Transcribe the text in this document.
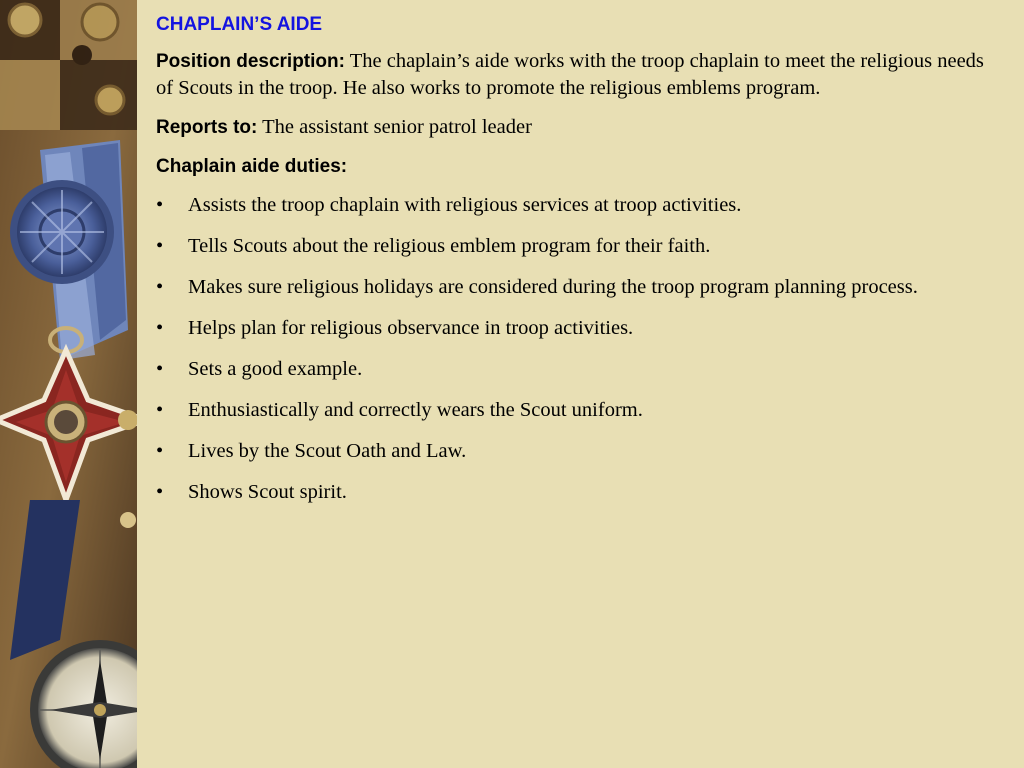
CHAPLAIN’S AIDE

Position description: The chaplain’s aide works with the troop chaplain to meet the religious needs of Scouts in the troop. He also works to promote the religious emblems program.

Reports to: The assistant senior patrol leader

Chaplain aide duties:
•	Assists the troop chaplain with religious services at troop activities.
•	Tells Scouts about the religious emblem program for their faith.
•	Makes sure religious holidays are considered during the troop program planning process.
•	Helps plan for religious observance in troop activities.
•	Sets a good example.
•	Enthusiastically and correctly wears the Scout uniform.
•	Lives by the Scout Oath and Law.
•	Shows Scout spirit.
